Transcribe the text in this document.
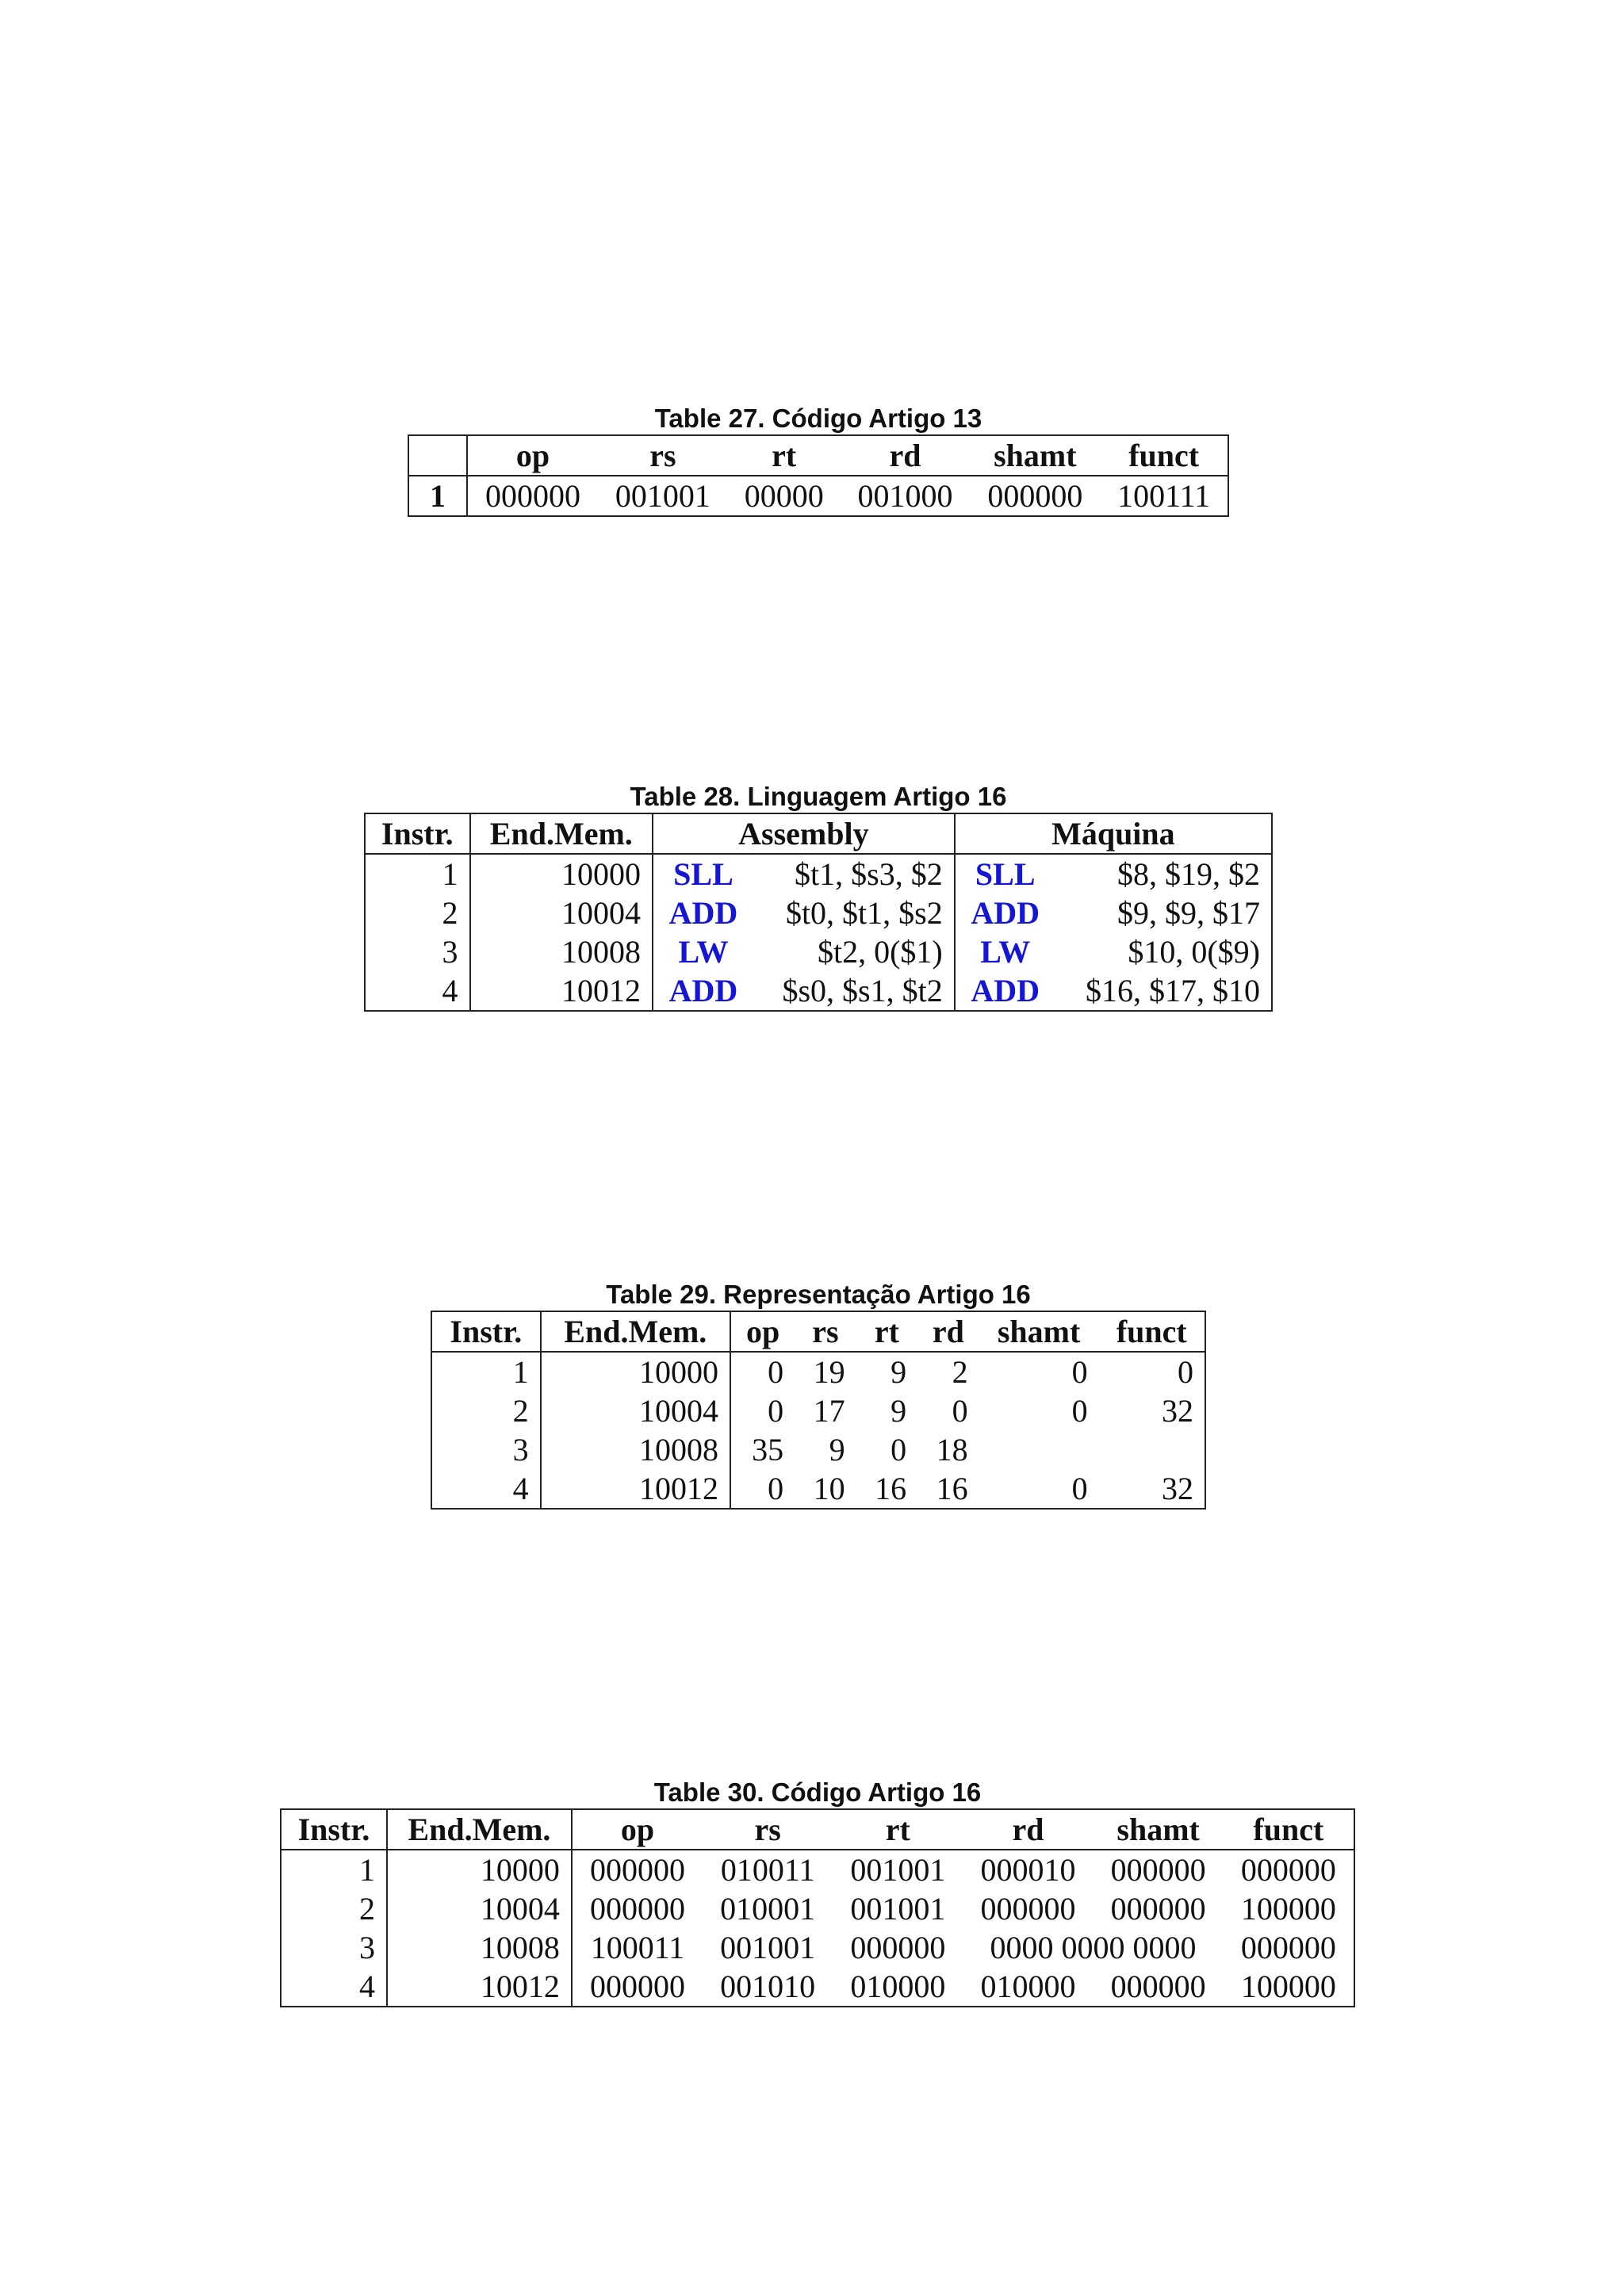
Table 27. Código Artigo 13
	op	rs	rt	rd	shamt	funct
1	000000	001001	00000	001000	000000	100111
Table 28. Linguagem Artigo 16
Instr.	End.Mem.	Assembly		Máquina	
1	10000	SLL	$t1, $s3, $2	SLL	$8, $19, $2
2	10004	ADD	$t0, $t1, $s2	ADD	$9, $9, $17
3	10008	LW	$t2, 0($1)	LW	$10, 0($9)
4	10012	ADD	$s0, $s1, $t2	ADD	$16, $17, $10
Table 29. Representação Artigo 16
Instr.	End.Mem.	op	rs	rt	rd	shamt	funct
1	10000	0	19	9	2	0	0
2	10004	0	17	9	0	0	32
3	10008	35	9	0	18		
4	10012	0	10	16	16	0	32
Table 30. Código Artigo 16
Instr.	End.Mem.	op	rs	rt	rd	shamt	funct
1	10000	000000	010011	001001	000010	000000	000000
2	10004	000000	010001	001001	000000	000000	100000
3	10008	100011	001001	000000	0000 0000 0000		000000
4	10012	000000	001010	010000	010000	000000	100000
